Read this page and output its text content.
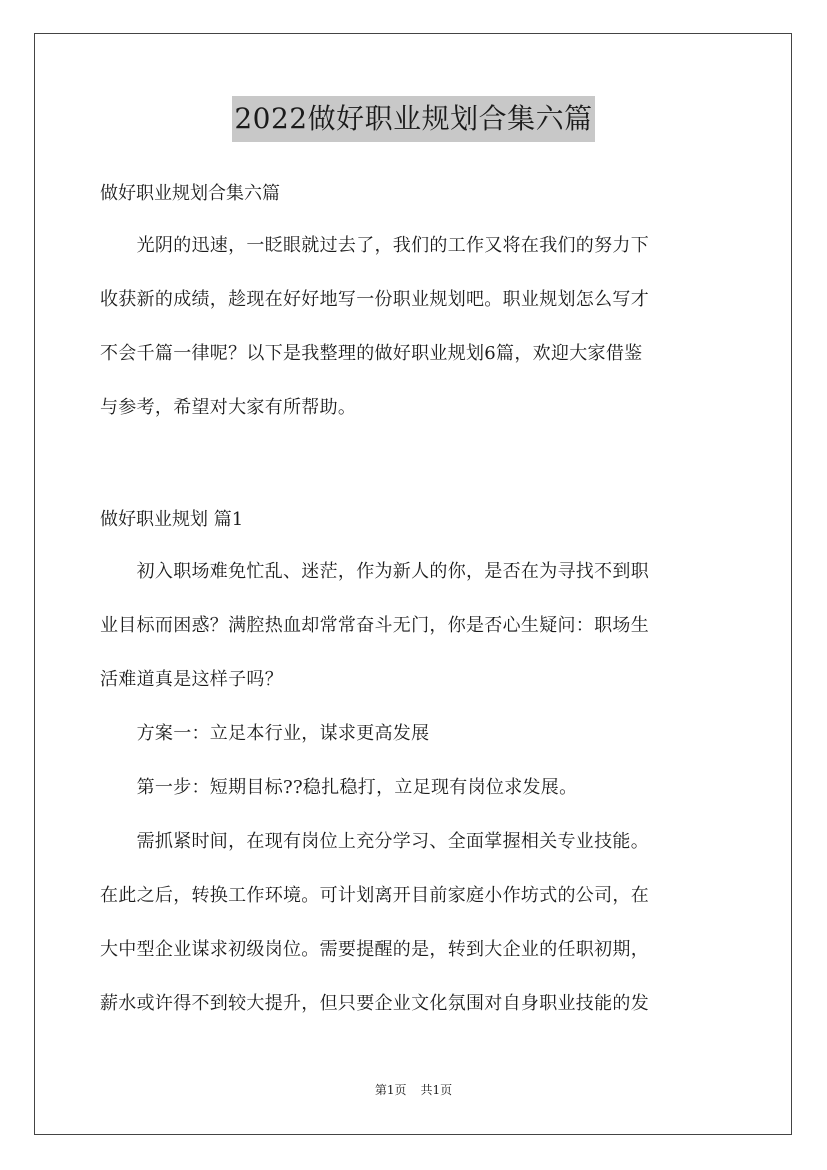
2022做好职业规划合集六篇
做好职业规划合集六篇
　　光阴的迅速，一眨眼就过去了，我们的工作又将在我们的努力下
收获新的成绩，趁现在好好地写一份职业规划吧。职业规划怎么写才
不会千篇一律呢？以下是我整理的做好职业规划6篇，欢迎大家借鉴
与参考，希望对大家有所帮助。
做好职业规划 篇1
　　初入职场难免忙乱、迷茫，作为新人的你，是否在为寻找不到职
业目标而困惑？满腔热血却常常奋斗无门，你是否心生疑问：职场生
活难道真是这样子吗？
　　方案一：立足本行业，谋求更高发展
　　第一步：短期目标??稳扎稳打，立足现有岗位求发展。
　　需抓紧时间，在现有岗位上充分学习、全面掌握相关专业技能。
在此之后，转换工作环境。可计划离开目前家庭小作坊式的公司，在
大中型企业谋求初级岗位。需要提醒的是，转到大企业的任职初期，
薪水或许得不到较大提升，但只要企业文化氛围对自身职业技能的发
第1页 共1页
